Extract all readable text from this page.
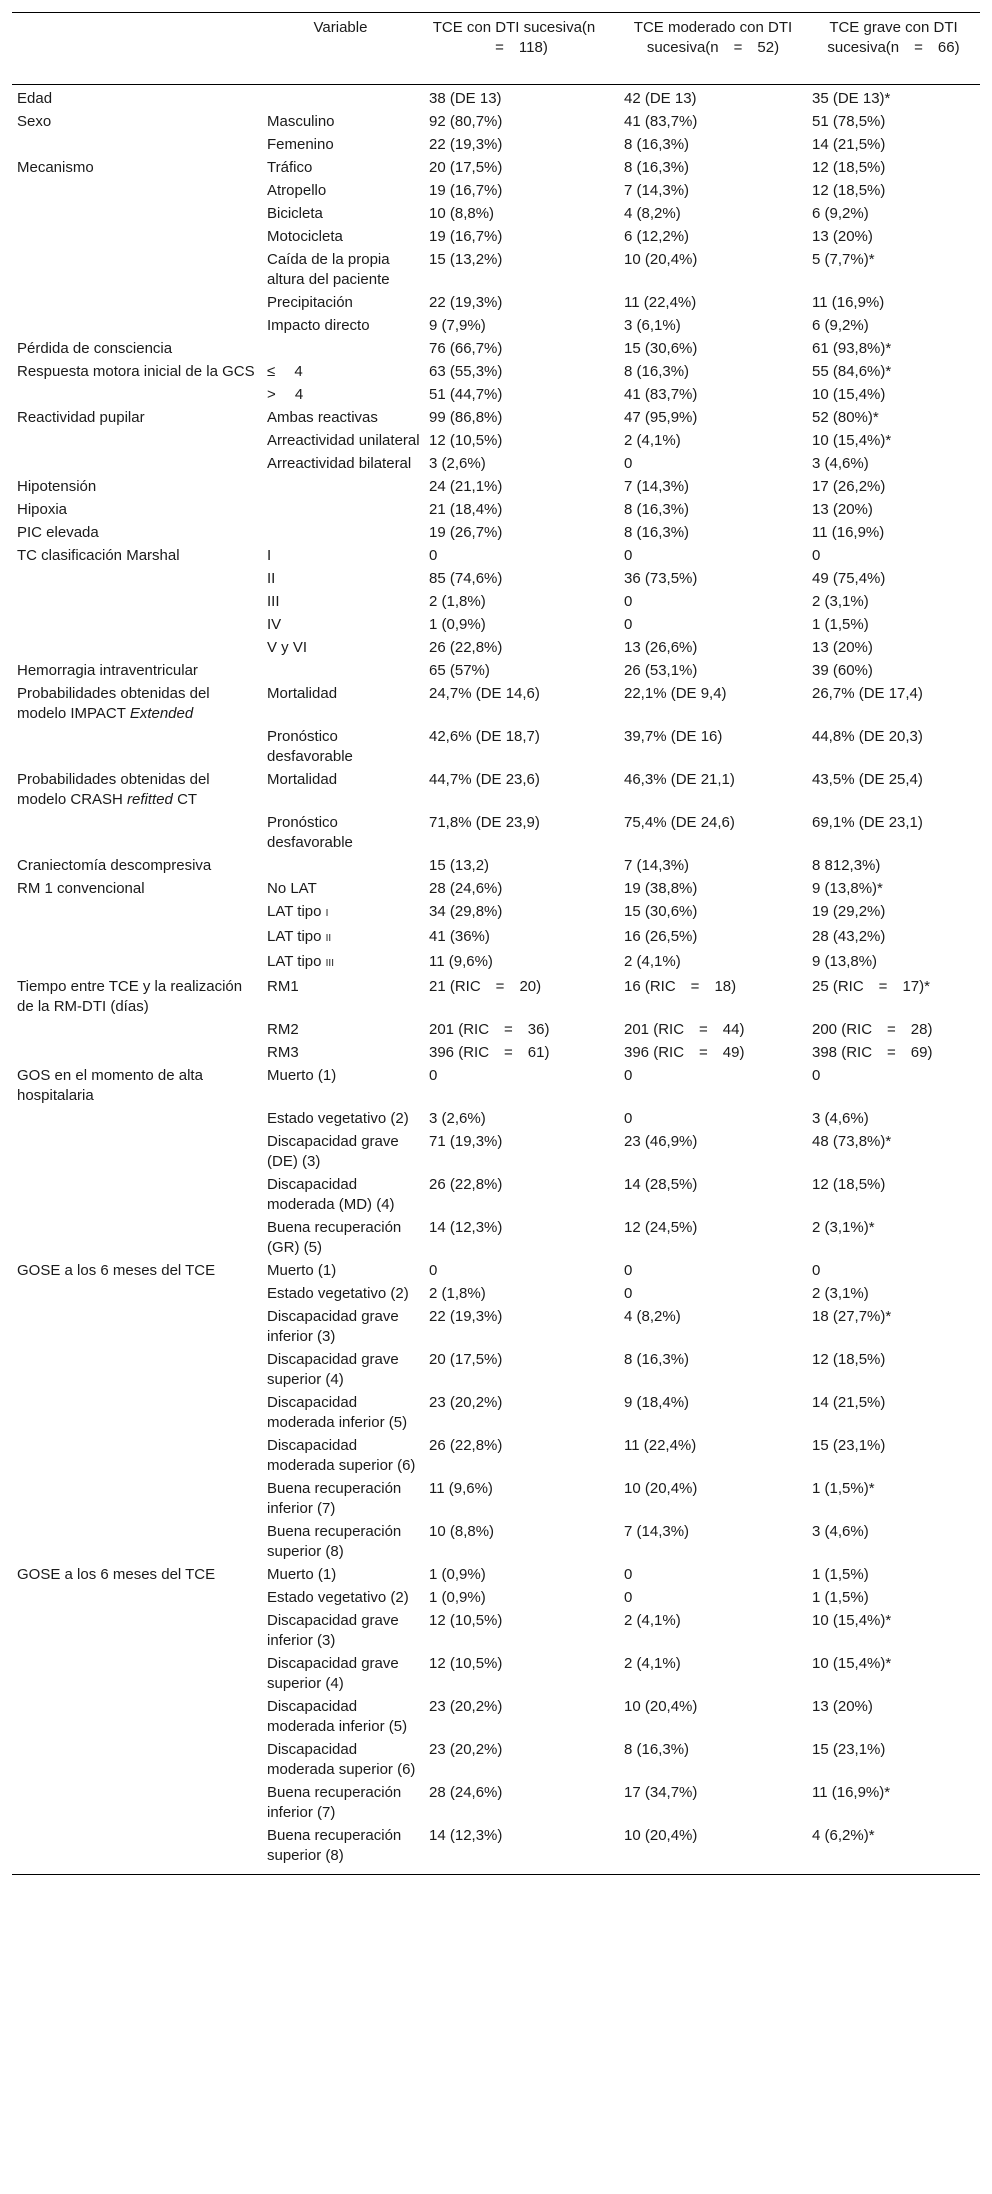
	Variable	TCE con DTI sucesiva(n = 118)	TCE moderado con DTI sucesiva(n = 52)	TCE grave con DTI sucesiva(n = 66)
Edad		38 (DE 13)	42 (DE 13)	35 (DE 13)*
Sexo	Masculino	92 (80,7%)	41 (83,7%)	51 (78,5%)
	Femenino	22 (19,3%)	8 (16,3%)	14 (21,5%)
Mecanismo	Tráfico	20 (17,5%)	8 (16,3%)	12 (18,5%)
	Atropello	19 (16,7%)	7 (14,3%)	12 (18,5%)
	Bicicleta	10 (8,8%)	4 (8,2%)	6 (9,2%)
	Motocicleta	19 (16,7%)	6 (12,2%)	13 (20%)
	Caída de la propia altura del paciente	15 (13,2%)	10 (20,4%)	5 (7,7%)*
	Precipitación	22 (19,3%)	11 (22,4%)	11 (16,9%)
	Impacto directo	9 (7,9%)	3 (6,1%)	6 (9,2%)
Pérdida de consciencia		76 (66,7%)	15 (30,6%)	61 (93,8%)*
Respuesta motora inicial de la GCS	≤  4	63 (55,3%)	8 (16,3%)	55 (84,6%)*
	>  4	51 (44,7%)	41 (83,7%)	10 (15,4%)
Reactividad pupilar	Ambas reactivas	99 (86,8%)	47 (95,9%)	52 (80%)*
	Arreactividad unilateral	12 (10,5%)	2 (4,1%)	10 (15,4%)*
	Arreactividad bilateral	3 (2,6%)	0	3 (4,6%)
Hipotensión		24 (21,1%)	7 (14,3%)	17 (26,2%)
Hipoxia		21 (18,4%)	8 (16,3%)	13 (20%)
PIC elevada		19 (26,7%)	8 (16,3%)	11 (16,9%)
TC clasificación Marshal	I	0	0	0
	II	85 (74,6%)	36 (73,5%)	49 (75,4%)
	III	2 (1,8%)	0	2 (3,1%)
	IV	1 (0,9%)	0	1 (1,5%)
	V y VI	26 (22,8%)	13 (26,6%)	13 (20%)
Hemorragia intraventricular		65 (57%)	26 (53,1%)	39 (60%)
Probabilidades obtenidas del modelo IMPACT Extended	Mortalidad	24,7% (DE 14,6)	22,1% (DE 9,4)	26,7% (DE 17,4)
	Pronóstico desfavorable	42,6% (DE 18,7)	39,7% (DE 16)	44,8% (DE 20,3)
Probabilidades obtenidas del modelo CRASH refitted CT	Mortalidad	44,7% (DE 23,6)	46,3% (DE 21,1)	43,5% (DE 25,4)
	Pronóstico desfavorable	71,8% (DE 23,9)	75,4% (DE 24,6)	69,1% (DE 23,1)
Craniectomía descompresiva		15 (13,2)	7 (14,3%)	8 812,3%)
RM 1 convencional	No LAT	28 (24,6%)	19 (38,8%)	9 (13,8%)*
	LAT tipo I	34 (29,8%)	15 (30,6%)	19 (29,2%)
	LAT tipo II	41 (36%)	16 (26,5%)	28 (43,2%)
	LAT tipo III	11 (9,6%)	2 (4,1%)	9 (13,8%)
Tiempo entre TCE y la realización de la RM-DTI (días)	RM1	21 (RIC = 20)	16 (RIC = 18)	25 (RIC = 17)*
	RM2	201 (RIC = 36)	201 (RIC = 44)	200 (RIC = 28)
	RM3	396 (RIC = 61)	396 (RIC = 49)	398 (RIC = 69)
GOS en el momento de alta hospitalaria	Muerto (1)	0	0	0
	Estado vegetativo (2)	3 (2,6%)	0	3 (4,6%)
	Discapacidad grave (DE) (3)	71 (19,3%)	23 (46,9%)	48 (73,8%)*
	Discapacidad moderada (MD) (4)	26 (22,8%)	14 (28,5%)	12 (18,5%)
	Buena recuperación (GR) (5)	14 (12,3%)	12 (24,5%)	2 (3,1%)*
GOSE a los 6 meses del TCE	Muerto (1)	0	0	0
	Estado vegetativo (2)	2 (1,8%)	0	2 (3,1%)
	Discapacidad grave inferior (3)	22 (19,3%)	4 (8,2%)	18 (27,7%)*
	Discapacidad grave superior (4)	20 (17,5%)	8 (16,3%)	12 (18,5%)
	Discapacidad moderada inferior (5)	23 (20,2%)	9 (18,4%)	14 (21,5%)
	Discapacidad moderada superior (6)	26 (22,8%)	11 (22,4%)	15 (23,1%)
	Buena recuperación inferior (7)	11 (9,6%)	10 (20,4%)	1 (1,5%)*
	Buena recuperación superior (8)	10 (8,8%)	7 (14,3%)	3 (4,6%)
GOSE a los 6 meses del TCE	Muerto (1)	1 (0,9%)	0	1 (1,5%)
	Estado vegetativo (2)	1 (0,9%)	0	1 (1,5%)
	Discapacidad grave inferior (3)	12 (10,5%)	2 (4,1%)	10 (15,4%)*
	Discapacidad grave superior (4)	12 (10,5%)	2 (4,1%)	10 (15,4%)*
	Discapacidad moderada inferior (5)	23 (20,2%)	10 (20,4%)	13 (20%)
	Discapacidad moderada superior (6)	23 (20,2%)	8 (16,3%)	15 (23,1%)
	Buena recuperación inferior (7)	28 (24,6%)	17 (34,7%)	11 (16,9%)*
	Buena recuperación superior (8)	14 (12,3%)	10 (20,4%)	4 (6,2%)*
